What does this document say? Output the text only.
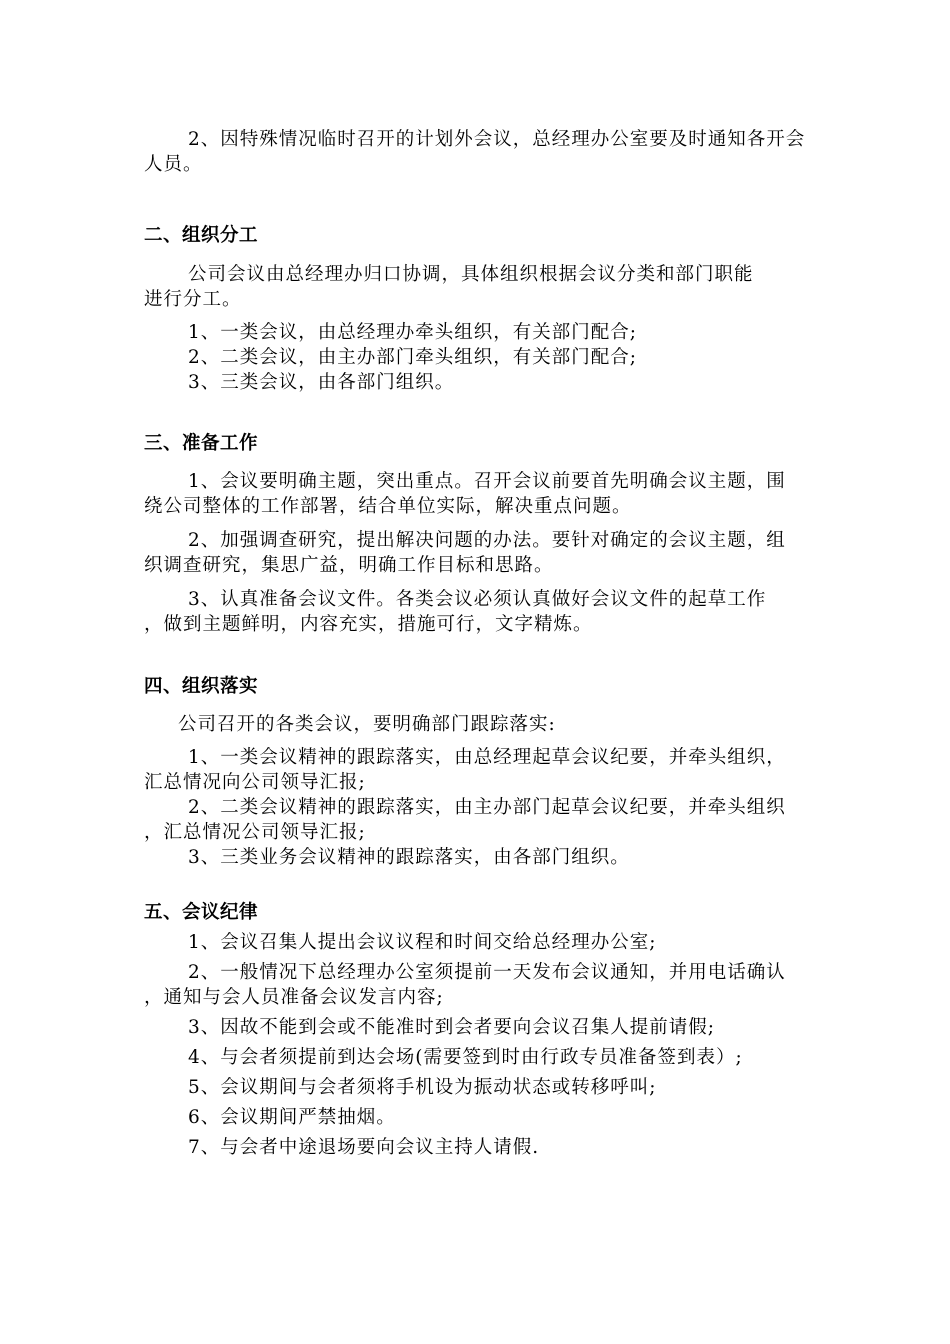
2、因特殊情况临时召开的计划外会议，总经理办公室要及时通知各开会
人员。
二、组织分工
公司会议由总经理办归口协调，具体组织根据会议分类和部门职能
进行分工。
1、一类会议，由总经理办牵头组织，有关部门配合;
2、二类会议，由主办部门牵头组织，有关部门配合;
3、三类会议，由各部门组织。
三、准备工作
1、会议要明确主题，突出重点。召开会议前要首先明确会议主题，围
绕公司整体的工作部署，结合单位实际，解决重点问题。
2、加强调查研究，提出解决问题的办法。要针对确定的会议主题，组
织调查研究，集思广益，明确工作目标和思路。
3、认真准备会议文件。各类会议必须认真做好会议文件的起草工作
，做到主题鲜明，内容充实，措施可行，文字精炼。
四、组织落实
公司召开的各类会议，要明确部门跟踪落实:
1、一类会议精神的跟踪落实，由总经理起草会议纪要，并牵头组织，
汇总情况向公司领导汇报;
2、二类会议精神的跟踪落实，由主办部门起草会议纪要，并牵头组织
，汇总情况公司领导汇报;
3、三类业务会议精神的跟踪落实，由各部门组织。
五、会议纪律
1、会议召集人提出会议议程和时间交给总经理办公室;
2、一般情况下总经理办公室须提前一天发布会议通知，并用电话确认
，通知与会人员准备会议发言内容;
3、因故不能到会或不能准时到会者要向会议召集人提前请假;
4、与会者须提前到达会场(需要签到时由行政专员准备签到表）;
5、会议期间与会者须将手机设为振动状态或转移呼叫;
6、会议期间严禁抽烟。
7、与会者中途退场要向会议主持人请假.
